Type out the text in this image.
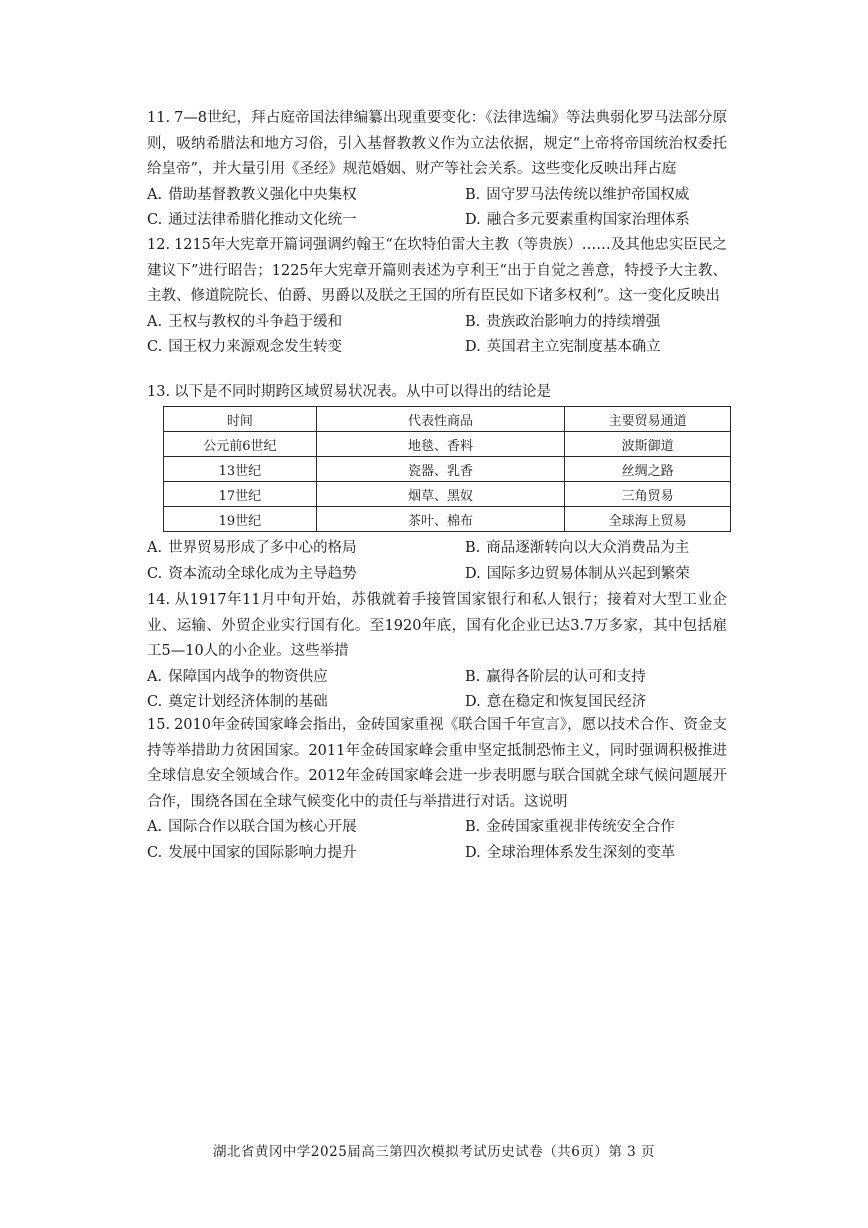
11. 7—8世纪，拜占庭帝国法律编纂出现重要变化：《法律选编》等法典弱化罗马法部分原则，吸纳希腊法和地方习俗，引入基督教教义作为立法依据，规定“上帝将帝国统治权委托给皇帝”，并大量引用《圣经》规范婚姻、财产等社会关系。这些变化反映出拜占庭
A. 借助基督教教义强化中央集权	B. 固守罗马法传统以维护帝国权威
C. 通过法律希腊化推动文化统一	D. 融合多元要素重构国家治理体系
12. 1215年大宪章开篇词强调约翰王“在坎特伯雷大主教（等贵族）……及其他忠实臣民之建议下”进行昭告；1225年大宪章开篇则表述为亨利王“出于自觉之善意，特授予大主教、主教、修道院院长、伯爵、男爵以及朕之王国的所有臣民如下诸多权利”。这一变化反映出
A. 王权与教权的斗争趋于缓和	B. 贵族政治影响力的持续增强
C. 国王权力来源观念发生转变	D. 英国君主立宪制度基本确立
13. 以下是不同时期跨区域贸易状况表。从中可以得出的结论是
时间	代表性商品	主要贸易通道
公元前6世纪	地毯、香料	波斯御道
13世纪	瓷器、乳香	丝绸之路
17世纪	烟草、黑奴	三角贸易
19世纪	茶叶、棉布	全球海上贸易
A. 世界贸易形成了多中心的格局	B. 商品逐渐转向以大众消费品为主
C. 资本流动全球化成为主导趋势	D. 国际多边贸易体制从兴起到繁荣
14. 从1917年11月中旬开始，苏俄就着手接管国家银行和私人银行；接着对大型工业企业、运输、外贸企业实行国有化。至1920年底，国有化企业已达3.7万多家，其中包括雇工5—10人的小企业。这些举措
A. 保障国内战争的物资供应	B. 赢得各阶层的认可和支持
C. 奠定计划经济体制的基础	D. 意在稳定和恢复国民经济
15. 2010年金砖国家峰会指出，金砖国家重视《联合国千年宣言》，愿以技术合作、资金支持等举措助力贫困国家。2011年金砖国家峰会重申坚定抵制恐怖主义，同时强调积极推进全球信息安全领域合作。2012年金砖国家峰会进一步表明愿与联合国就全球气候问题展开合作，围绕各国在全球气候变化中的责任与举措进行对话。这说明
A. 国际合作以联合国为核心开展	B. 金砖国家重视非传统安全合作
C. 发展中国家的国际影响力提升	D. 全球治理体系发生深刻的变革
湖北省黄冈中学2025届高三第四次模拟考试历史试卷（共6页）第 3 页
